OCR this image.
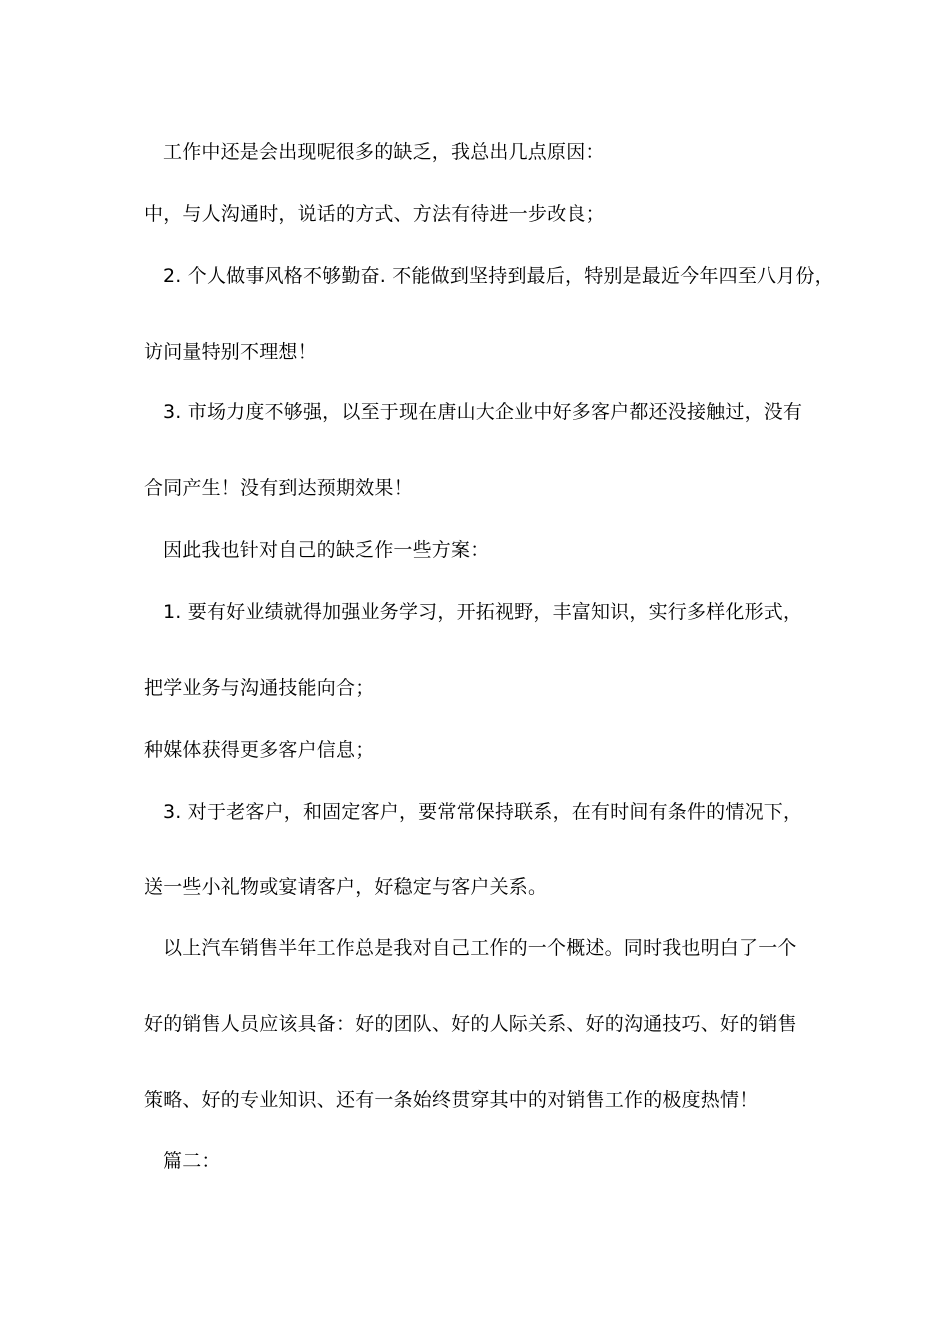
工作中还是会出现呢很多的缺乏，我总出几点原因：
中，与人沟通时，说话的方式、方法有待进一步改良；
2. 个人做事风格不够勤奋. 不能做到坚持到最后，特别是最近今年四至八月份，
访问量特别不理想！
3. 市场力度不够强，以至于现在唐山大企业中好多客户都还没接触过，没有
合同产生！没有到达预期效果！
因此我也针对自己的缺乏作一些方案：
1. 要有好业绩就得加强业务学习，开拓视野，丰富知识，实行多样化形式，
把学业务与沟通技能向合；
种媒体获得更多客户信息；
3. 对于老客户，和固定客户，要常常保持联系，在有时间有条件的情况下，
送一些小礼物或宴请客户，好稳定与客户关系。
以上汽车销售半年工作总是我对自己工作的一个概述。同时我也明白了一个
好的销售人员应该具备：好的团队、好的人际关系、好的沟通技巧、好的销售
策略、好的专业知识、还有一条始终贯穿其中的对销售工作的极度热情！
篇二：
